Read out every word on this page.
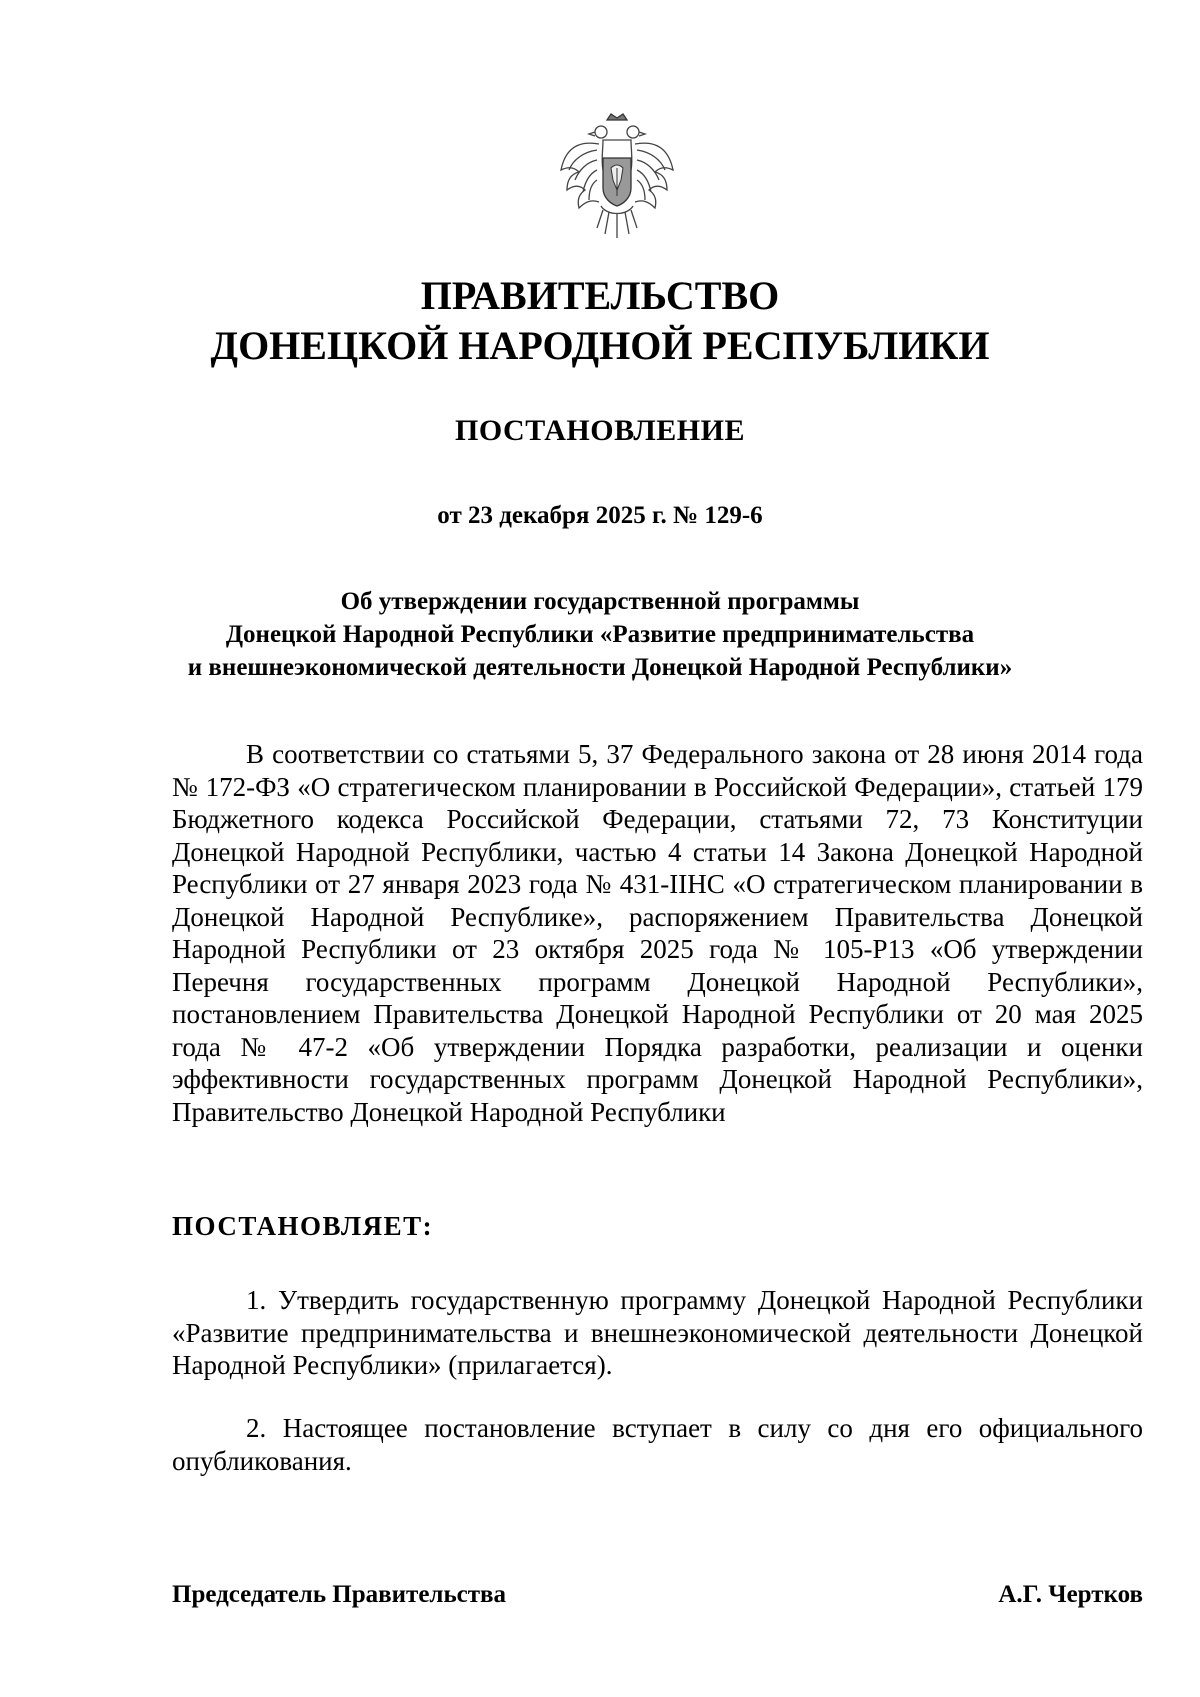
ПРАВИТЕЛЬСТВО
ДОНЕЦКОЙ НАРОДНОЙ РЕСПУБЛИКИ
ПОСТАНОВЛЕНИЕ
от 23 декабря 2025 г. № 129-6
Об утверждении государственной программы
Донецкой Народной Республики «Развитие предпринимательства
и внешнеэкономической деятельности Донецкой Народной Республики»
В соответствии со статьями 5, 37 Федерального закона от 28 июня 2014 года № 172-ФЗ «О стратегическом планировании в Российской Федерации», статьей 179 Бюджетного кодекса Российской Федерации, статьями 72, 73 Конституции Донецкой Народной Республики, частью 4 статьи 14 Закона Донецкой Народной Республики от 27 января 2023 года № 431-IIНС «О стратегическом планировании в Донецкой Народной Республике», распоряжением Правительства Донецкой Народной Республики от 23 октября 2025 года № 105-Р13 «Об утверждении Перечня государственных программ Донецкой Народной Республики», постановлением Правительства Донецкой Народной Республики от 20 мая 2025 года № 47-2 «Об утверждении Порядка разработки, реализации и оценки эффективности государственных программ Донецкой Народной Республики», Правительство Донецкой Народной Республики
ПОСТАНОВЛЯЕТ:
1. Утвердить государственную программу Донецкой Народной Республики «Развитие предпринимательства и внешнеэкономической деятельности Донецкой Народной Республики» (прилагается).
2. Настоящее постановление вступает в силу со дня его официального опубликования.
Председатель Правительства	А.Г. Чертков
